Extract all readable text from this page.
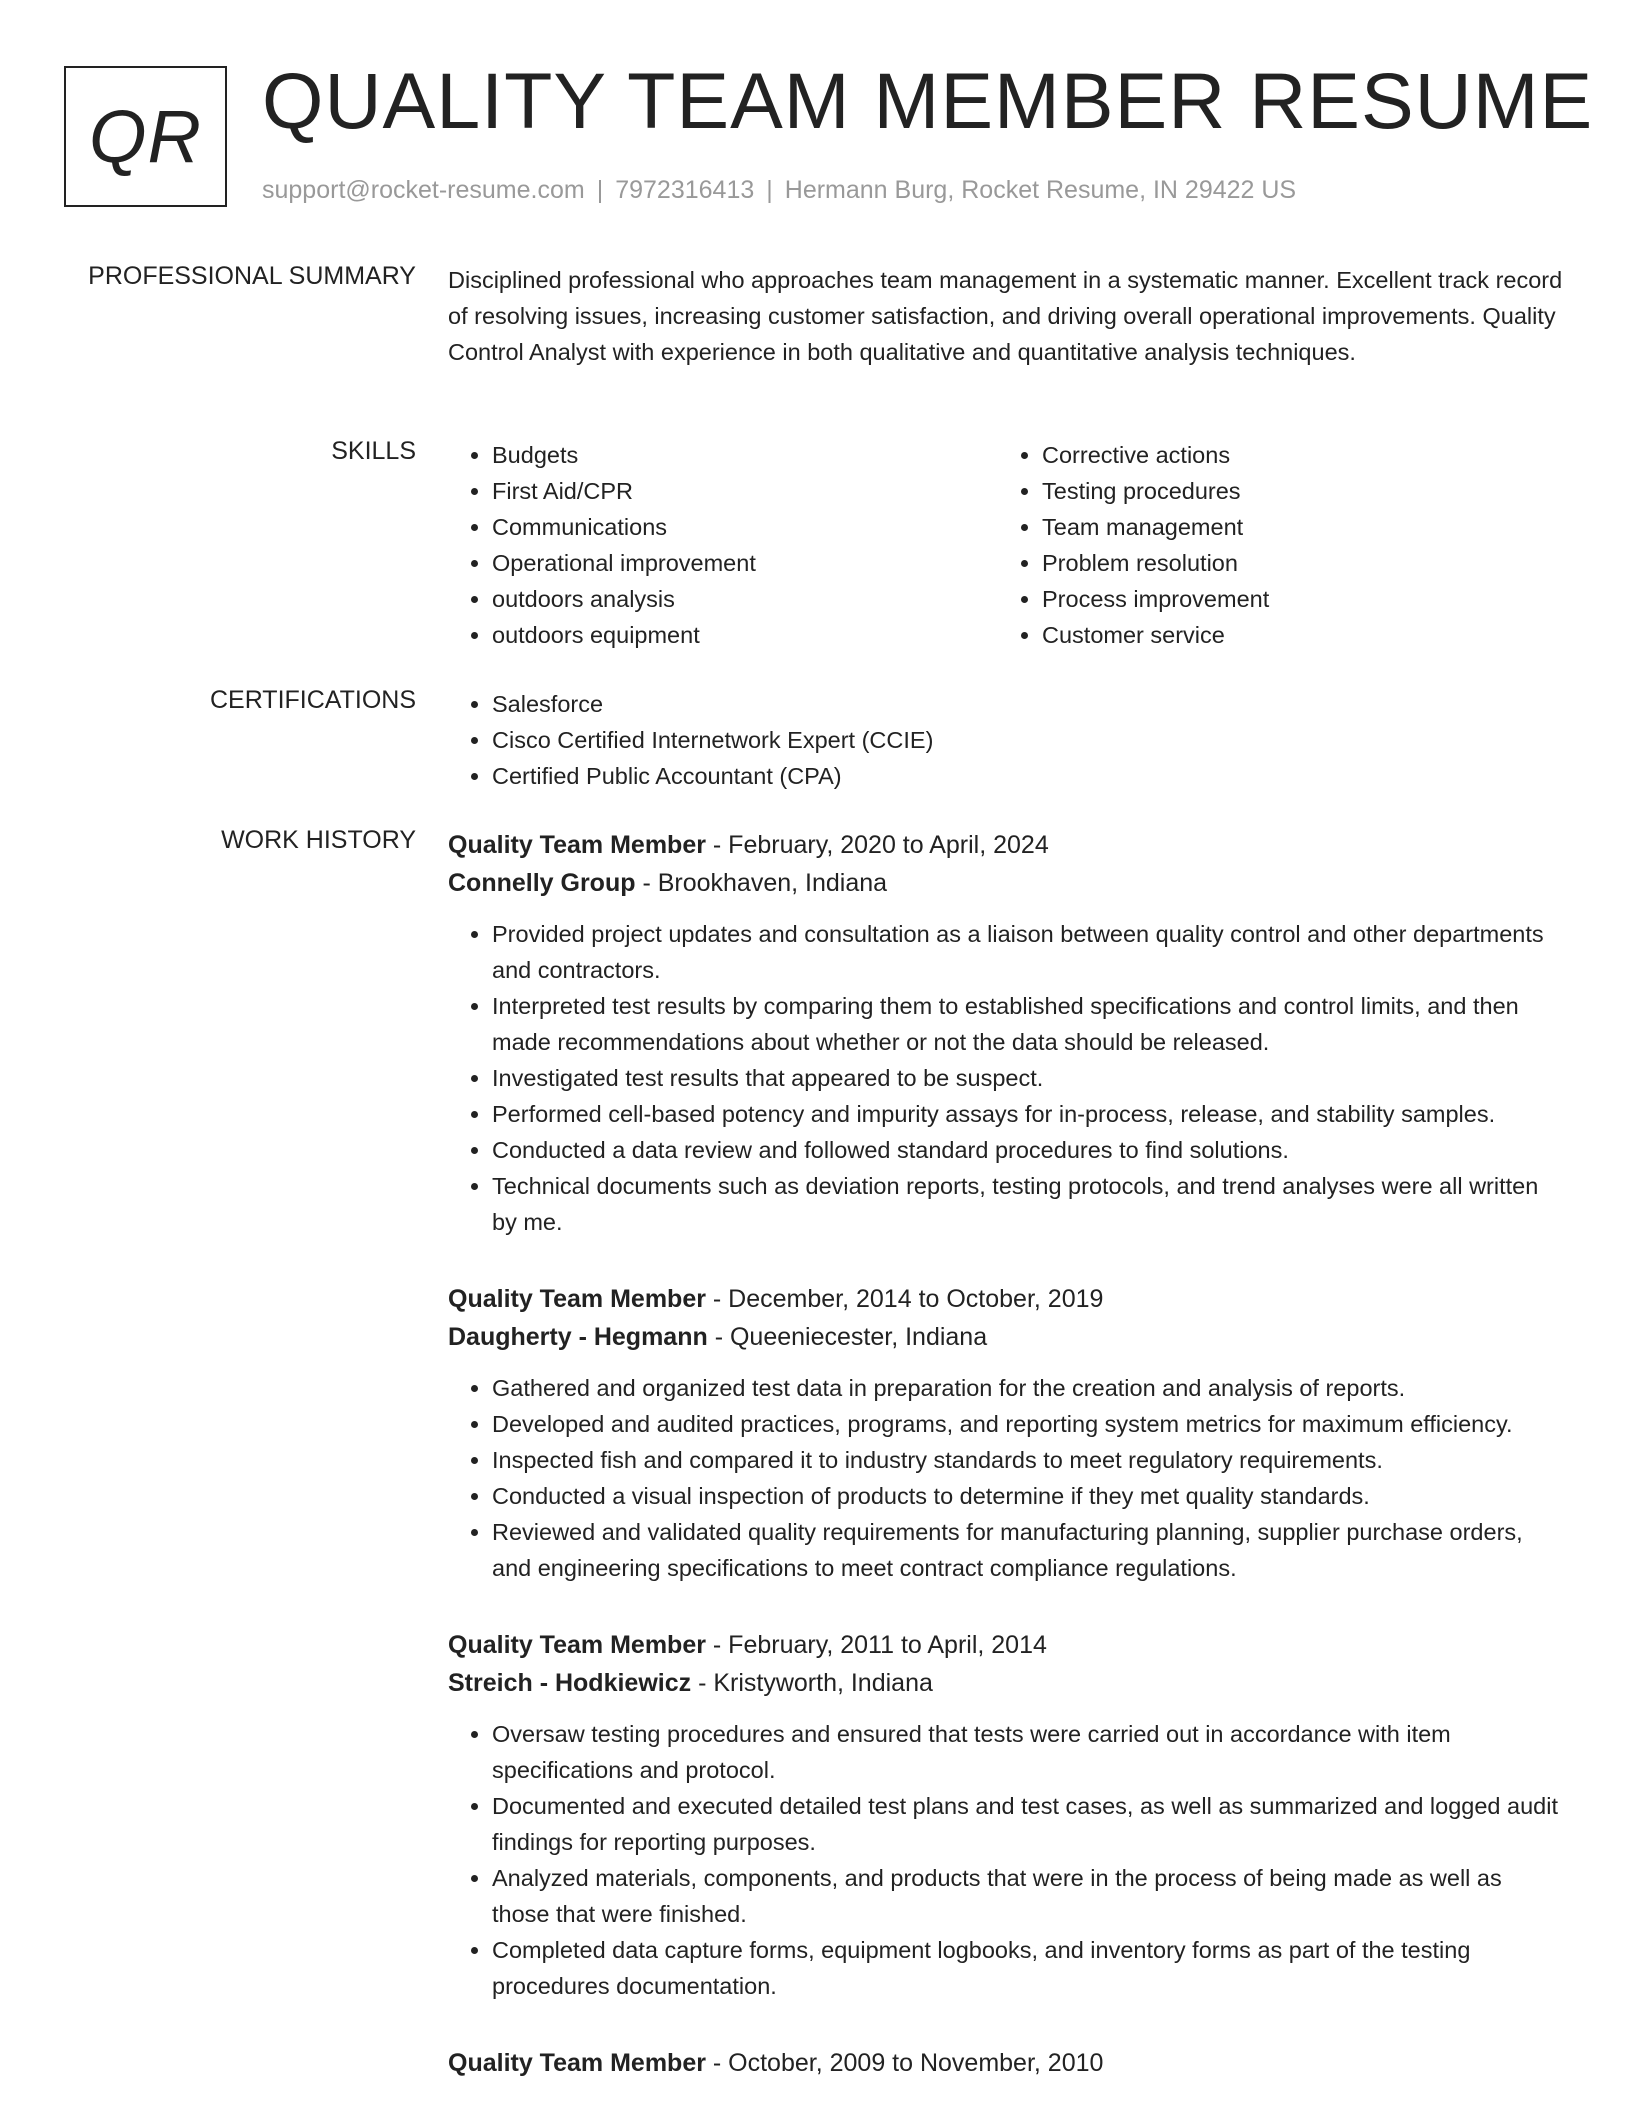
QR QUALITY TEAM MEMBER RESUME
support@rocket-resume.com | 7972316413 | Hermann Burg, Rocket Resume, IN 29422 US
PROFESSIONAL SUMMARY Disciplined professional who approaches team management in a systematic manner. Excellent track record of resolving issues, increasing customer satisfaction, and driving overall operational improvements. Quality Control Analyst with experience in both qualitative and quantitative analysis techniques.
SKILLS	• Budgets
• First Aid/CPR
• Communications
• Operational improvement
• outdoors analysis
• outdoors equipment
• Corrective actions
• Testing procedures
• Team management
• Problem resolution
• Process improvement
• Customer service
CERTIFICATIONS	• Salesforce
• Cisco Certified Internetwork Expert (CCIE)
• Certified Public Accountant (CPA)
WORK HISTORY Quality Team Member - February, 2020 to April, 2024
Connelly Group - Brookhaven, Indiana
• Provided project updates and consultation as a liaison between quality control and other departments and contractors.
• Interpreted test results by comparing them to established specifications and control limits, and then made recommendations about whether or not the data should be released.
• Investigated test results that appeared to be suspect.
• Performed cell-based potency and impurity assays for in-process, release, and stability samples.
• Conducted a data review and followed standard procedures to find solutions.
• Technical documents such as deviation reports, testing protocols, and trend analyses were all written by me.
Quality Team Member - December, 2014 to October, 2019
Daugherty - Hegmann - Queeniecester, Indiana
• Gathered and organized test data in preparation for the creation and analysis of reports.
• Developed and audited practices, programs, and reporting system metrics for maximum efficiency.
• Inspected fish and compared it to industry standards to meet regulatory requirements.
• Conducted a visual inspection of products to determine if they met quality standards.
• Reviewed and validated quality requirements for manufacturing planning, supplier purchase orders, and engineering specifications to meet contract compliance regulations.
Quality Team Member - February, 2011 to April, 2014
Streich - Hodkiewicz - Kristyworth, Indiana
• Oversaw testing procedures and ensured that tests were carried out in accordance with item specifications and protocol.
• Documented and executed detailed test plans and test cases, as well as summarized and logged audit findings for reporting purposes.
• Analyzed materials, components, and products that were in the process of being made as well as those that were finished.
• Completed data capture forms, equipment logbooks, and inventory forms as part of the testing procedures documentation.
Quality Team Member - October, 2009 to November, 2010
